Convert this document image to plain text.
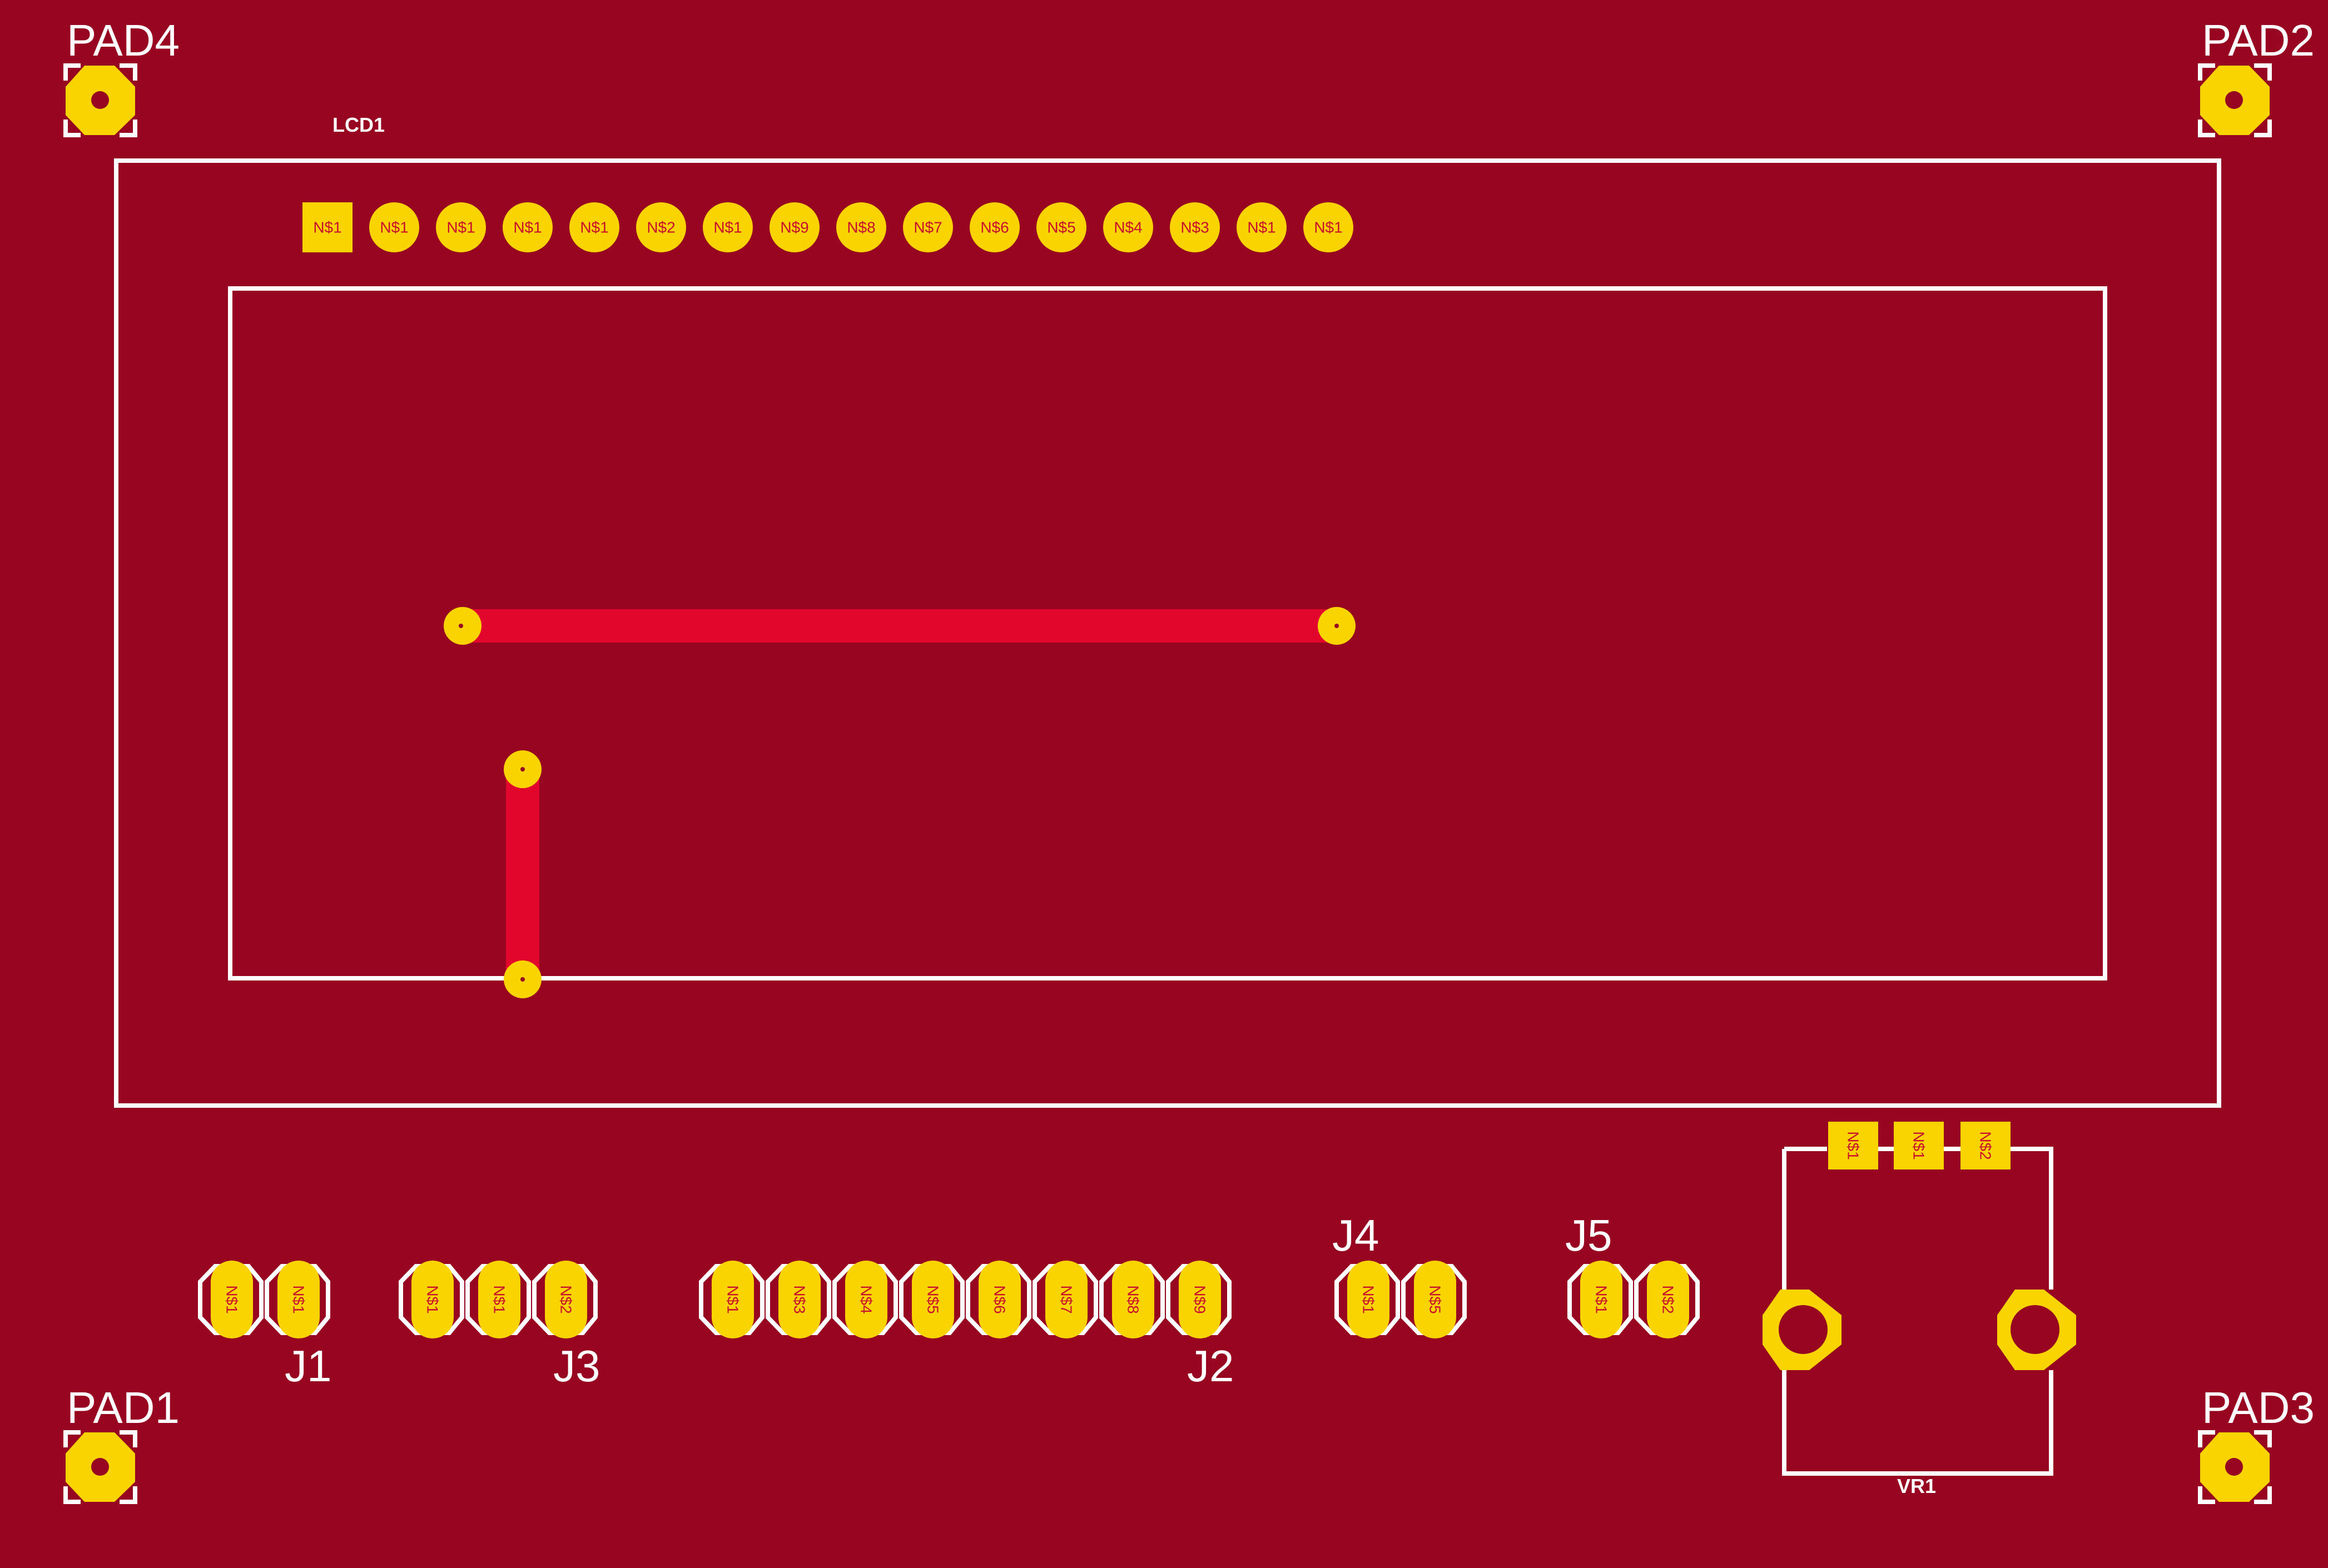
PAD4	PAD2
PAD1	PAD3
LCD1
N$1 N$1 N$1 N$1 N$1 N$2 N$1 N$9 N$8 N$7 N$6 N$5 N$4 N$3 N$1 N$1
N$1	N$1
J1
N$1	N$1	N$2
J3
N$1	N$3	N$4	N$5	N$6	N$7	N$8	N$9
J2
N$1	N$5
J4
N$1	N$2
J5
N$1	N$1	N$2
VR1
